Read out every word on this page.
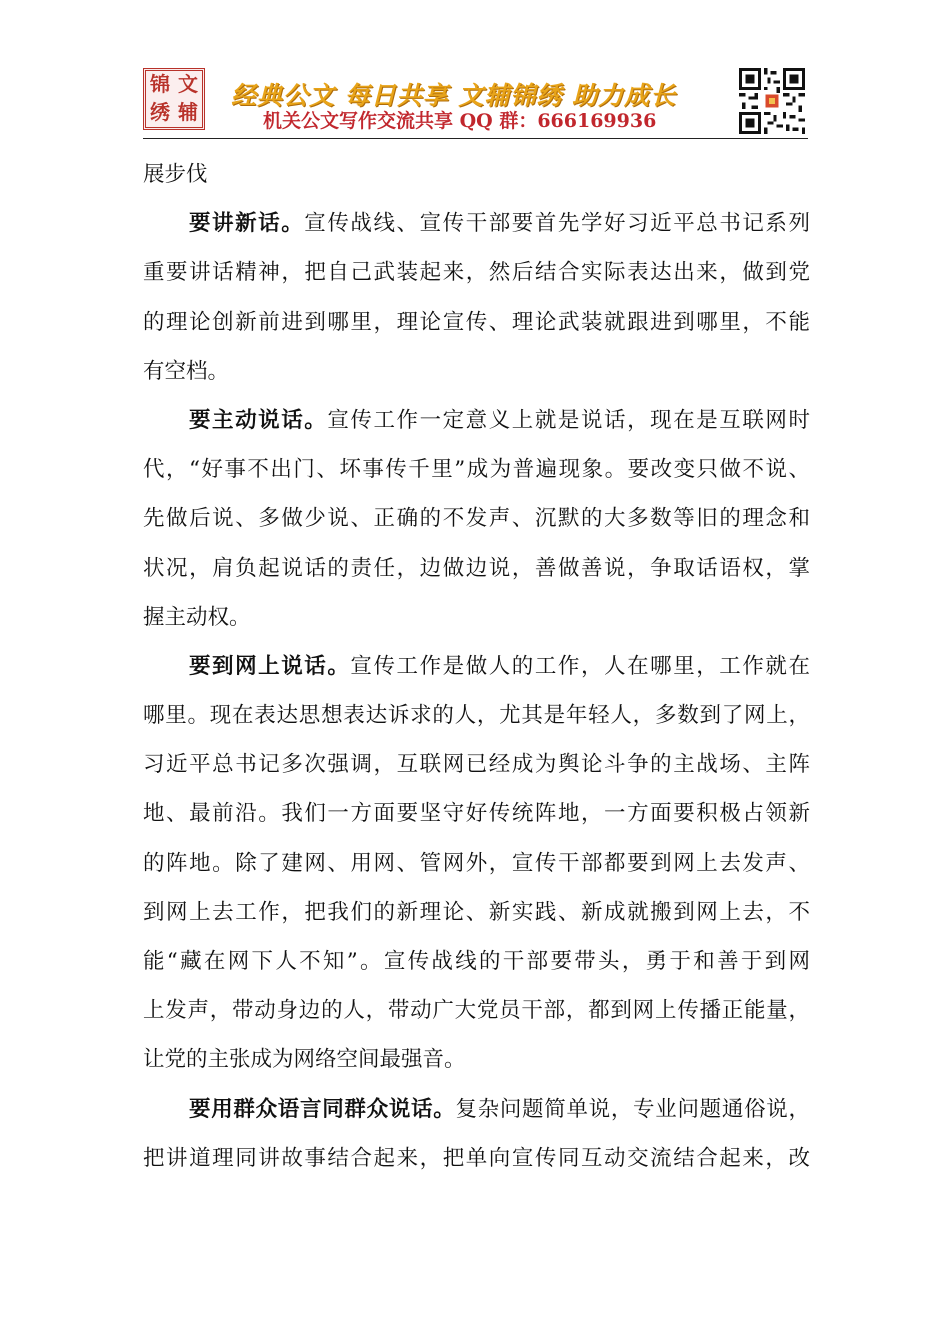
锦 文
绣 辅
经典公文 每日共享 文辅锦绣 助力成长
机关公文写作交流共享 QQ 群：666169936
展步伐
要讲新话。宣传战线、宣传干部要首先学好习近平总书记系列
重要讲话精神，把自己武装起来，然后结合实际表达出来，做到党
的理论创新前进到哪里，理论宣传、理论武装就跟进到哪里，不能
有空档。
要主动说话。宣传工作一定意义上就是说话，现在是互联网时
代，“好事不出门、坏事传千里”成为普遍现象。要改变只做不说、
先做后说、多做少说、正确的不发声、沉默的大多数等旧的理念和
状况，肩负起说话的责任，边做边说，善做善说，争取话语权，掌
握主动权。
要到网上说话。宣传工作是做人的工作，人在哪里，工作就在
哪里。现在表达思想表达诉求的人，尤其是年轻人，多数到了网上，
习近平总书记多次强调，互联网已经成为舆论斗争的主战场、主阵
地、最前沿。我们一方面要坚守好传统阵地，一方面要积极占领新
的阵地。除了建网、用网、管网外，宣传干部都要到网上去发声、
到网上去工作，把我们的新理论、新实践、新成就搬到网上去，不
能“藏在网下人不知”。宣传战线的干部要带头，勇于和善于到网
上发声，带动身边的人，带动广大党员干部，都到网上传播正能量，
让党的主张成为网络空间最强音。
要用群众语言同群众说话。复杂问题简单说，专业问题通俗说，
把讲道理同讲故事结合起来，把单向宣传同互动交流结合起来，改
